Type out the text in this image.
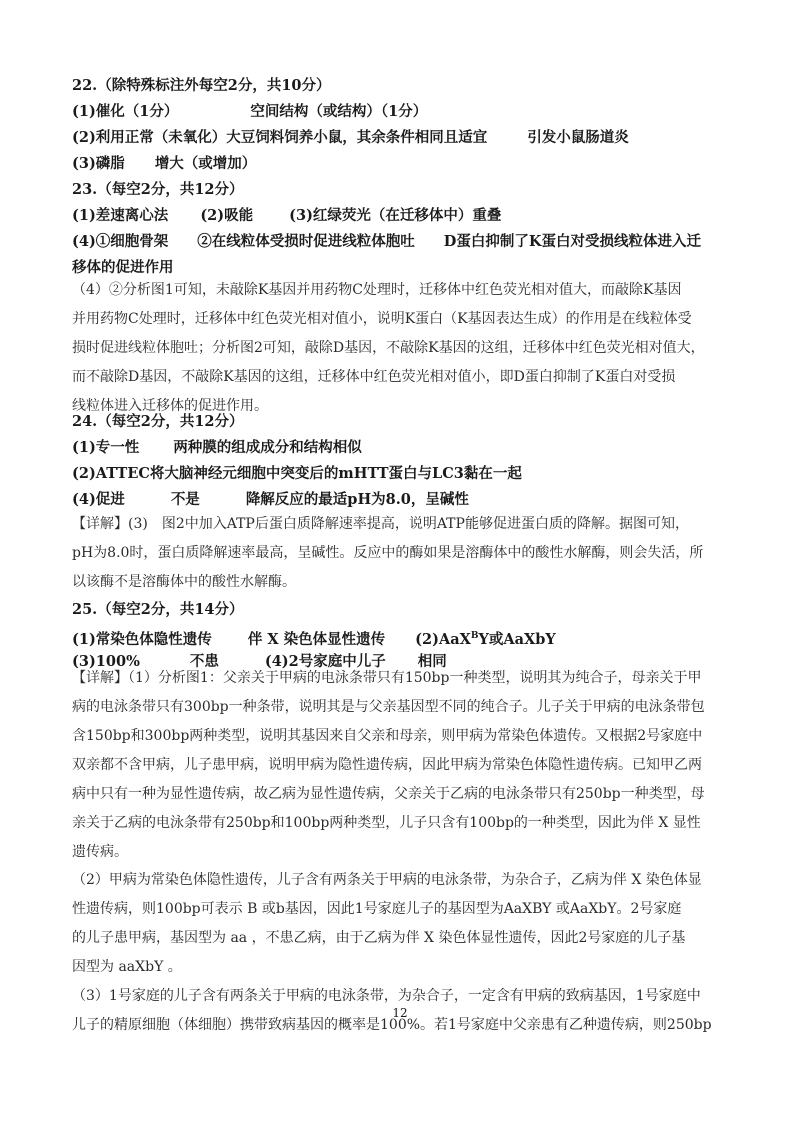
22.（除特殊标注外每空2分，共10分）
(1)催化（1分）	空间结构（或结构）（1分）
(2)利用正常（未氧化）大豆饲料饲养小鼠，其余条件相同且适宜	引发小鼠肠道炎
(3)磷脂 增大（或增加）
23.（每空2分，共12分）
(1)差速离心法 (2)吸能 (3)红绿荧光（在迁移体中）重叠
(4)①细胞骨架　　②在线粒体受损时促进线粒体胞吐　　D蛋白抑制了K蛋白对受损线粒体进入迁
移体的促进作用
（4）②分析图1可知，未敲除K基因并用药物C处理时，迁移体中红色荧光相对值大，而敲除K基因
并用药物C处理时，迁移体中红色荧光相对值小，说明K蛋白（K基因表达生成）的作用是在线粒体受
损时促进线粒体胞吐；分析图2可知，敲除D基因，不敲除K基因的这组，迁移体中红色荧光相对值大，
而不敲除D基因，不敲除K基因的这组，迁移体中红色荧光相对值小，即D蛋白抑制了K蛋白对受损
线粒体进入迁移体的促进作用。
24.（每空2分，共12分）
(1)专一性 两种膜的组成成分和结构相似
(2)ATTEC将大脑神经元细胞中突变后的mHTT蛋白与LC3黏在一起
(4)促进	不是	降解反应的最适pH为8.0，呈碱性
【详解】(3)　图2中加入ATP后蛋白质降解速率提高，说明ATP能够促进蛋白质的降解。据图可知，
pH为8.0时，蛋白质降解速率最高，呈碱性。反应中的酶如果是溶酶体中的酸性水解酶，则会失活，所
以该酶不是溶酶体中的酸性水解酶。
25.（每空2分，共14分）
(1)常染色体隐性遗传 伴 X 染色体显性遗传 (2)AaX$^B$Y或AaXbY
(3)100%	不患	(4)2号家庭中儿子 相同
【详解】（1）分析图1：父亲关于甲病的电泳条带只有150bp一种类型，说明其为纯合子，母亲关于甲
病的电泳条带只有300bp一种条带，说明其是与父亲基因型不同的纯合子。儿子关于甲病的电泳条带包
含150bp和300bp两种类型，说明其基因来自父亲和母亲，则甲病为常染色体遗传。又根据2号家庭中
双亲都不含甲病，儿子患甲病，说明甲病为隐性遗传病，因此甲病为常染色体隐性遗传病。已知甲乙两
病中只有一种为显性遗传病，故乙病为显性遗传病，父亲关于乙病的电泳条带只有250bp一种类型，母
亲关于乙病的电泳条带有250bp和100bp两种类型，儿子只含有100bp的一种类型，因此为伴 X 显性
遗传病。
（2）甲病为常染色体隐性遗传，儿子含有两条关于甲病的电泳条带，为杂合子，乙病为伴 X 染色体显
性遗传病，则100bp可表示 B 或b基因，因此1号家庭儿子的基因型为AaXBY 或AaXbY。2号家庭
的儿子患甲病，基因型为 aa ，不患乙病，由于乙病为伴 X 染色体显性遗传，因此2号家庭的儿子基
因型为 aaXbY 。
（3）1号家庭的儿子含有两条关于甲病的电泳条带，为杂合子，一定含有甲病的致病基因，1号家庭中
儿子的精原细胞（体细胞）携带致病基因的概率是100%。若1号家庭中父亲患有乙种遗传病，则250bp
12
